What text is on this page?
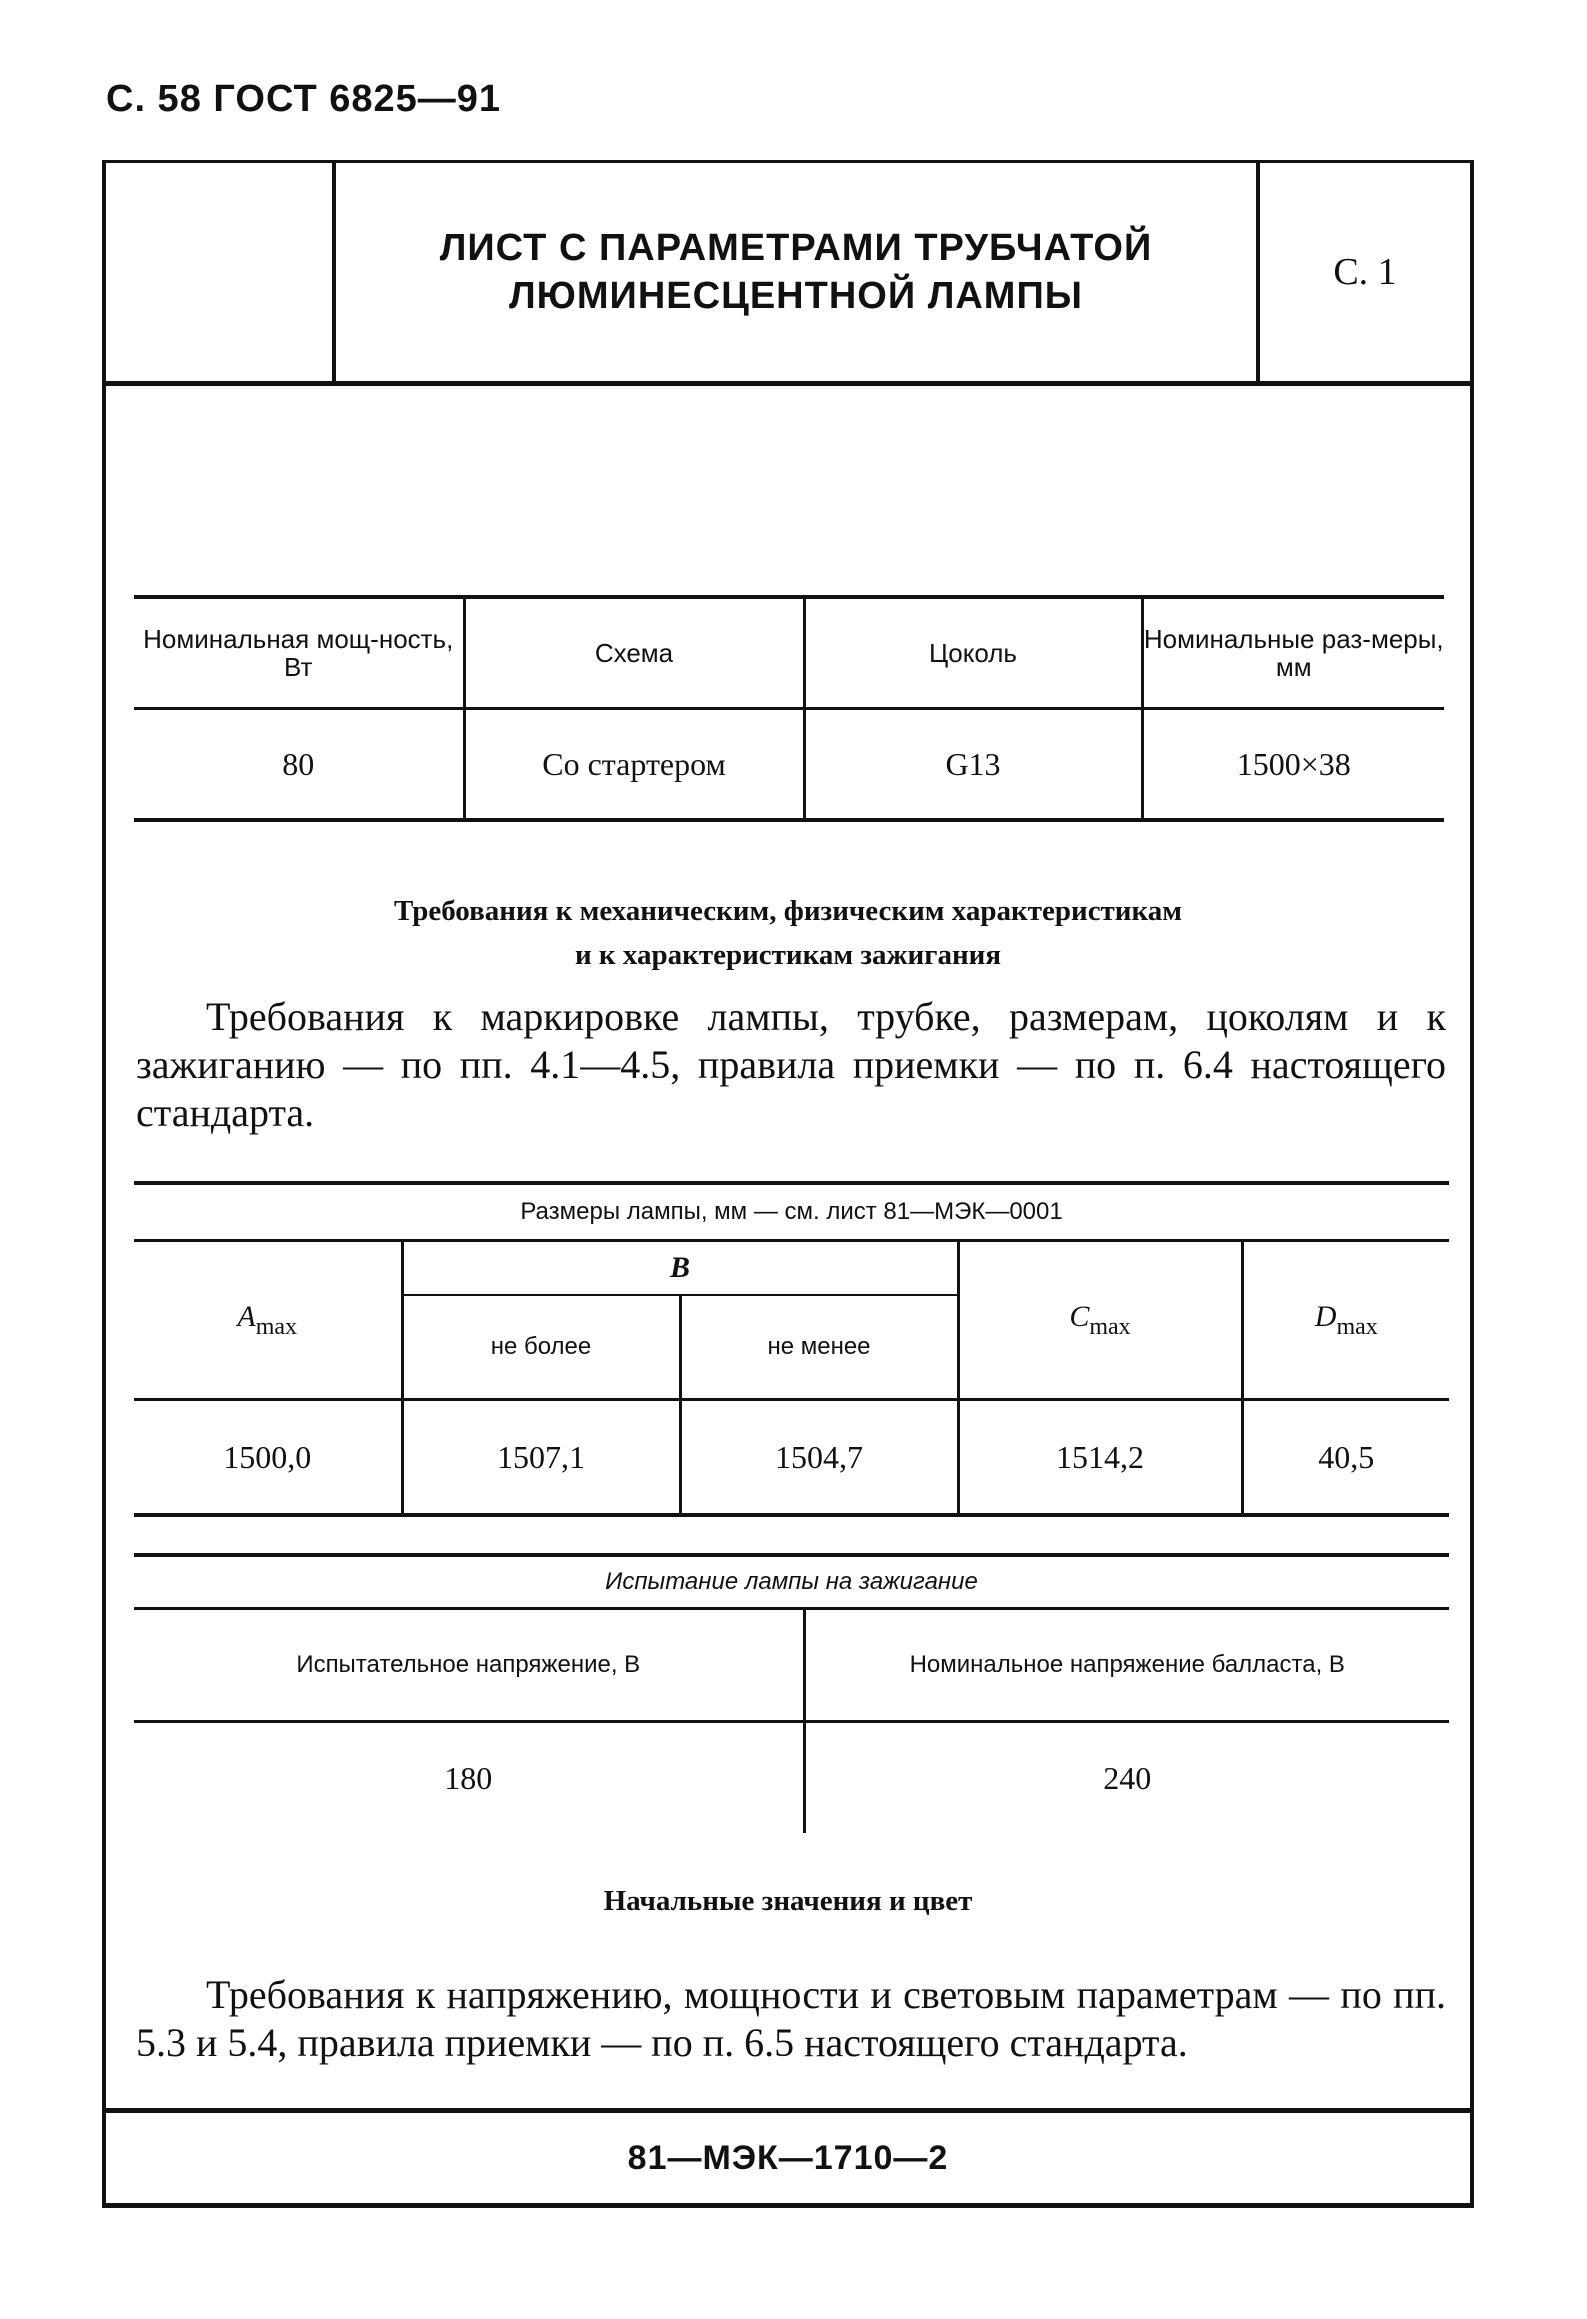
С. 58 ГОСТ 6825—91
ЛИСТ С ПАРАМЕТРАМИ ТРУБЧАТОЙ
ЛЮМИНЕСЦЕНТНОЙ ЛАМПЫ
С. 1
Номинальная мощ-ность, Вт	Схема	Цоколь	Номинальные раз-меры, мм
80	Со стартером	G13	1500×38
Требования к механическим, физическим характеристикам
и к характеристикам зажигания
Требования к маркировке лампы, трубке, размерам, цоколям и к зажиганию — по пп. 4.1—4.5, правила приемки — по п. 6.4 настоящего стандарта.
Размеры лампы, мм — см. лист 81—МЭК—0001				
$A_{max}$	B		$C_{max}$	$D_{max}$
	не более	не менее		
1500,0	1507,1	1504,7	1514,2	40,5
Испытание лампы на зажигание	
Испытательное напряжение, В	Номинальное напряжение балласта, В
180	240
Начальные значения и цвет
Требования к напряжению, мощности и световым параметрам — по пп. 5.3 и 5.4, правила приемки — по п. 6.5 настоящего стандарта.
81—МЭК—1710—2
